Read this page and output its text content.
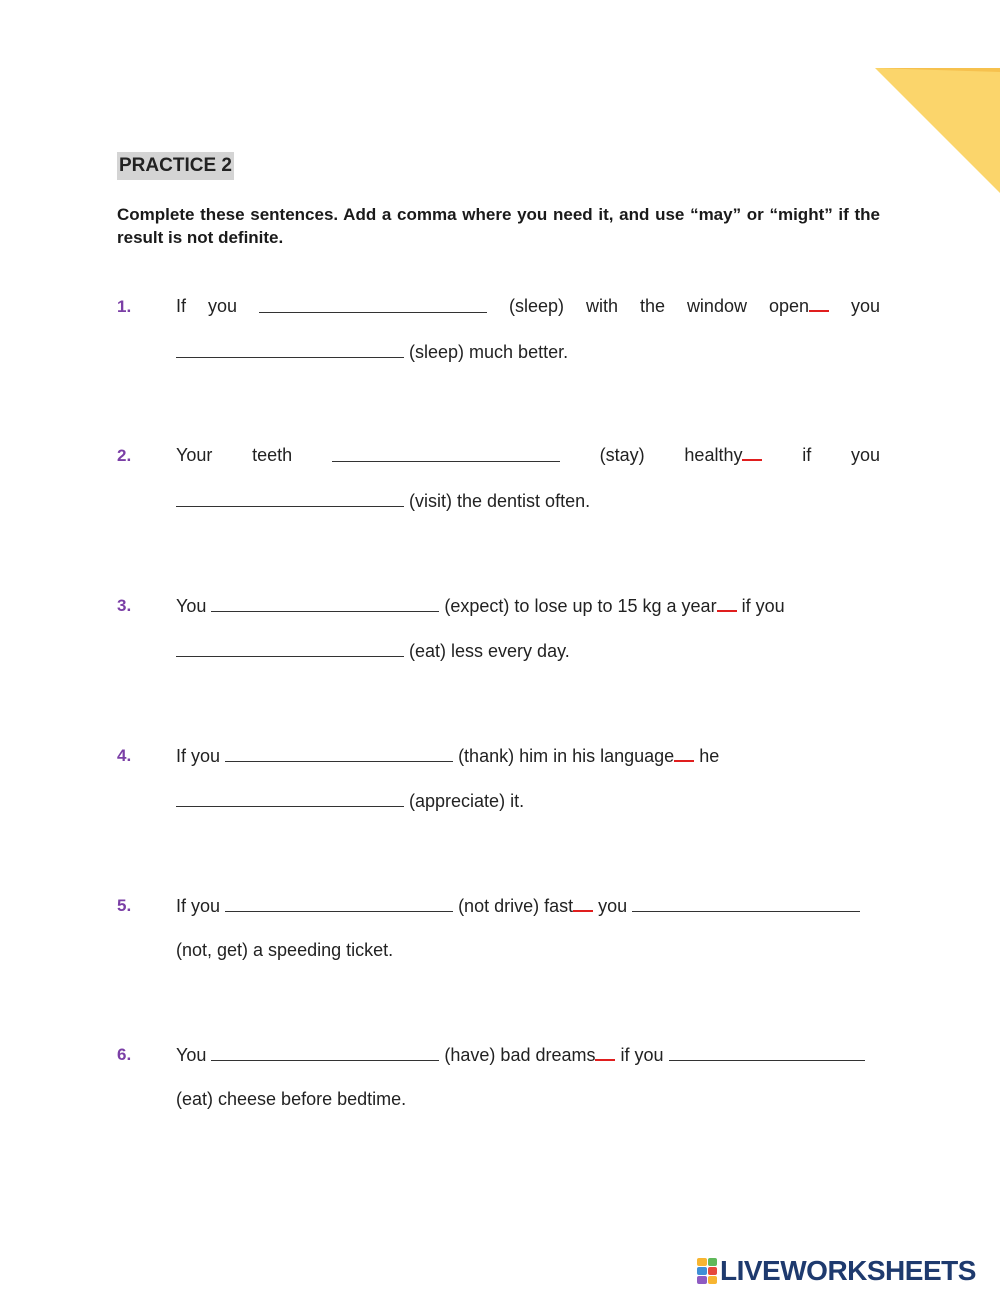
PRACTICE 2
Complete these sentences. Add a comma where you need it, and use “may” or “might” if the result is not definite.
1. If you	(sleep) with the window open	you
(sleep) much better.
2. Your teeth	(stay) healthy	if you
(visit) the dentist often.
3. You	(expect) to lose up to 15 kg a year if you
(eat) less every day.
4. If you	(thank) him in his language he
(appreciate) it.
5. If you	(not drive) fast you
(not, get) a speeding ticket.
6. You	(have) bad dreams if you
(eat) cheese before bedtime.
LIVEWORKSHEETS
